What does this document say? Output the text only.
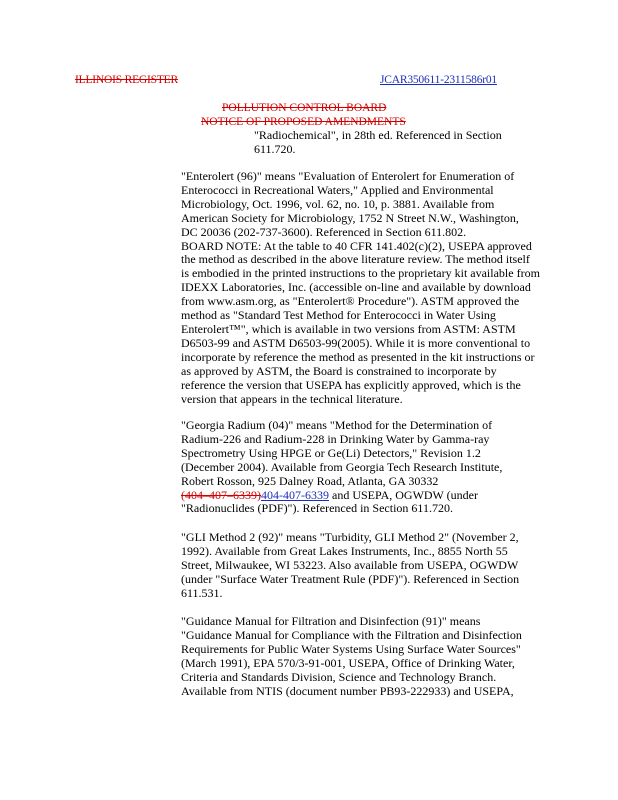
ILLINOIS REGISTER	JCAR350611-2311586r01
POLLUTION CONTROL BOARD
NOTICE OF PROPOSED AMENDMENTS
"Radiochemical", in 28th ed. Referenced in Section
611.720.
"Enterolert (96)" means "Evaluation of Enterolert for Enumeration of
Enterococci in Recreational Waters," Applied and Environmental
Microbiology, Oct. 1996, vol. 62, no. 10, p. 3881. Available from
American Society for Microbiology, 1752 N Street N.W., Washington,
DC 20036 (202-737-3600). Referenced in Section 611.802.
BOARD NOTE: At the table to 40 CFR 141.402(c)(2), USEPA approved
the method as described in the above literature review. The method itself
is embodied in the printed instructions to the proprietary kit available from
IDEXX Laboratories, Inc. (accessible on-line and available by download
from www.asm.org, as "Enterolert® Procedure"). ASTM approved the
method as "Standard Test Method for Enterococci in Water Using
Enterolert™", which is available in two versions from ASTM: ASTM
D6503-99 and ASTM D6503-99(2005). While it is more conventional to
incorporate by reference the method as presented in the kit instructions or
as approved by ASTM, the Board is constrained to incorporate by
reference the version that USEPA has explicitly approved, which is the
version that appears in the technical literature.
"Georgia Radium (04)" means "Method for the Determination of
Radium-226 and Radium-228 in Drinking Water by Gamma-ray
Spectrometry Using HPGE or Ge(Li) Detectors," Revision 1.2
(December 2004). Available from Georgia Tech Research Institute,
Robert Rosson, 925 Dalney Road, Atlanta, GA 30332
(404–407–6339)404-407-6339 and USEPA, OGWDW (under
"Radionuclides (PDF)"). Referenced in Section 611.720.
"GLI Method 2 (92)" means "Turbidity, GLI Method 2" (November 2,
1992). Available from Great Lakes Instruments, Inc., 8855 North 55
Street, Milwaukee, WI 53223. Also available from USEPA, OGWDW
(under "Surface Water Treatment Rule (PDF)"). Referenced in Section
611.531.
"Guidance Manual for Filtration and Disinfection (91)" means
"Guidance Manual for Compliance with the Filtration and Disinfection
Requirements for Public Water Systems Using Surface Water Sources"
(March 1991), EPA 570/3-91-001, USEPA, Office of Drinking Water,
Criteria and Standards Division, Science and Technology Branch.
Available from NTIS (document number PB93-222933) and USEPA,
